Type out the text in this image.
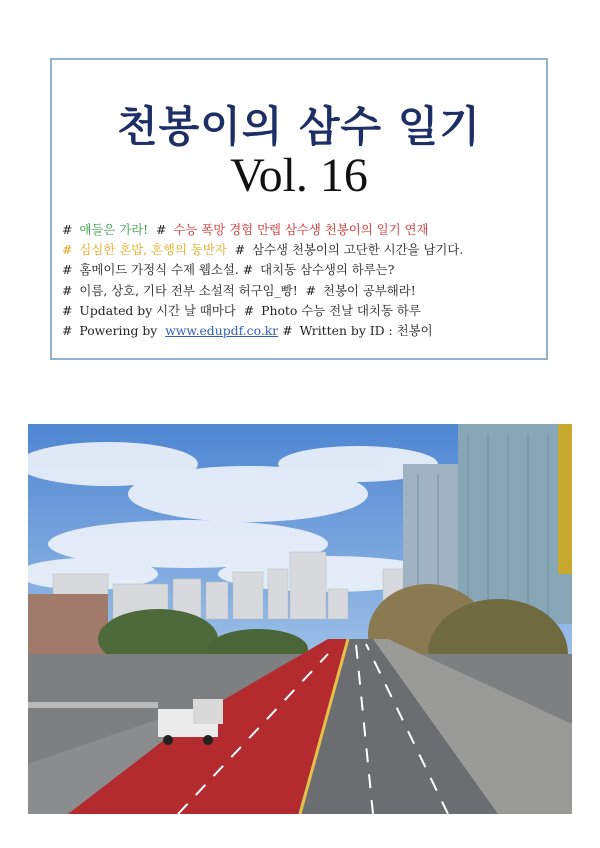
천봉이의 삼수 일기
Vol. 16
# 얘들은 가라! # 수능 폭망 경험 만렙 삼수생 천봉이의 일기 연재
# 심심한 혼밥, 혼행의 동반자 # 삼수생 천봉이의 고단한 시간을 남기다.
# 홈메이드 가정식 수제 웹소설. # 대치동 삼수생의 하루는?
# 이름, 상호, 기타 전부 소설적 허구임_빵! # 천봉이 공부해라!
# Updated by 시간 날 때마다 # Photo 수능 전날 대치동 하루
# Powering by www.edupdf.co.kr # Written by ID : 천봉이
